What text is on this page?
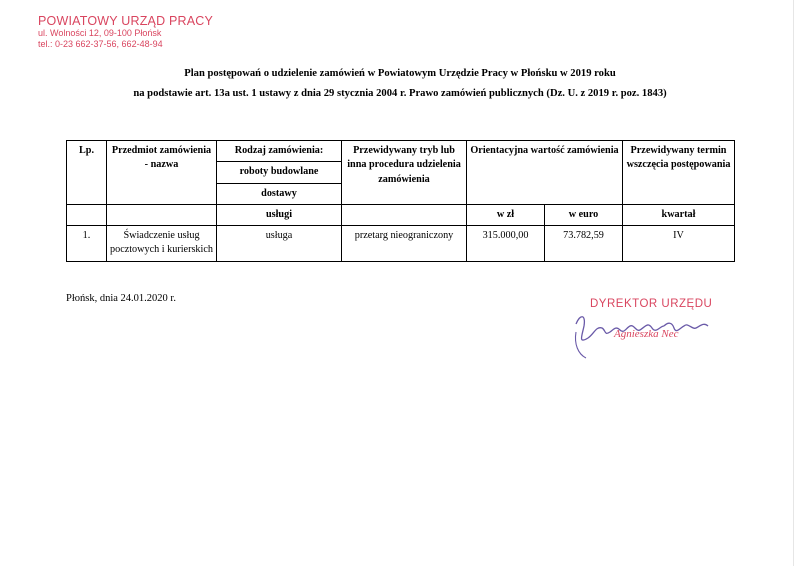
POWIATOWY URZĄD PRACY
ul. Wolności 12, 09-100 Płońsk
tel.: 0-23 662-37-56, 662-48-94
Plan postępowań o udzielenie zamówień w Powiatowym Urzędzie Pracy w Płońsku w 2019 roku
na podstawie art. 13a ust. 1 ustawy z dnia 29 stycznia 2004 r. Prawo zamówień publicznych (Dz. U. z 2019 r. poz. 1843)
Lp.	Przedmiot zamówienia - nazwa	Rodzaj zamówienia:	Przewidywany tryb lub inna procedura udzielenia zamówienia	Orientacyjna wartość zamówienia		Przewidywany termin wszczęcia postępowania
		roboty budowlane				
		dostawy				
		usługi		w zł	w euro	kwartał
1.	Świadczenie usług pocztowych i kurierskich	usługa	przetarg nieograniczony	315.000,00	73.782,59	IV
Płońsk, dnia 24.01.2020 r.	DYREKTOR URZĘDU
Agnieszka Nec
